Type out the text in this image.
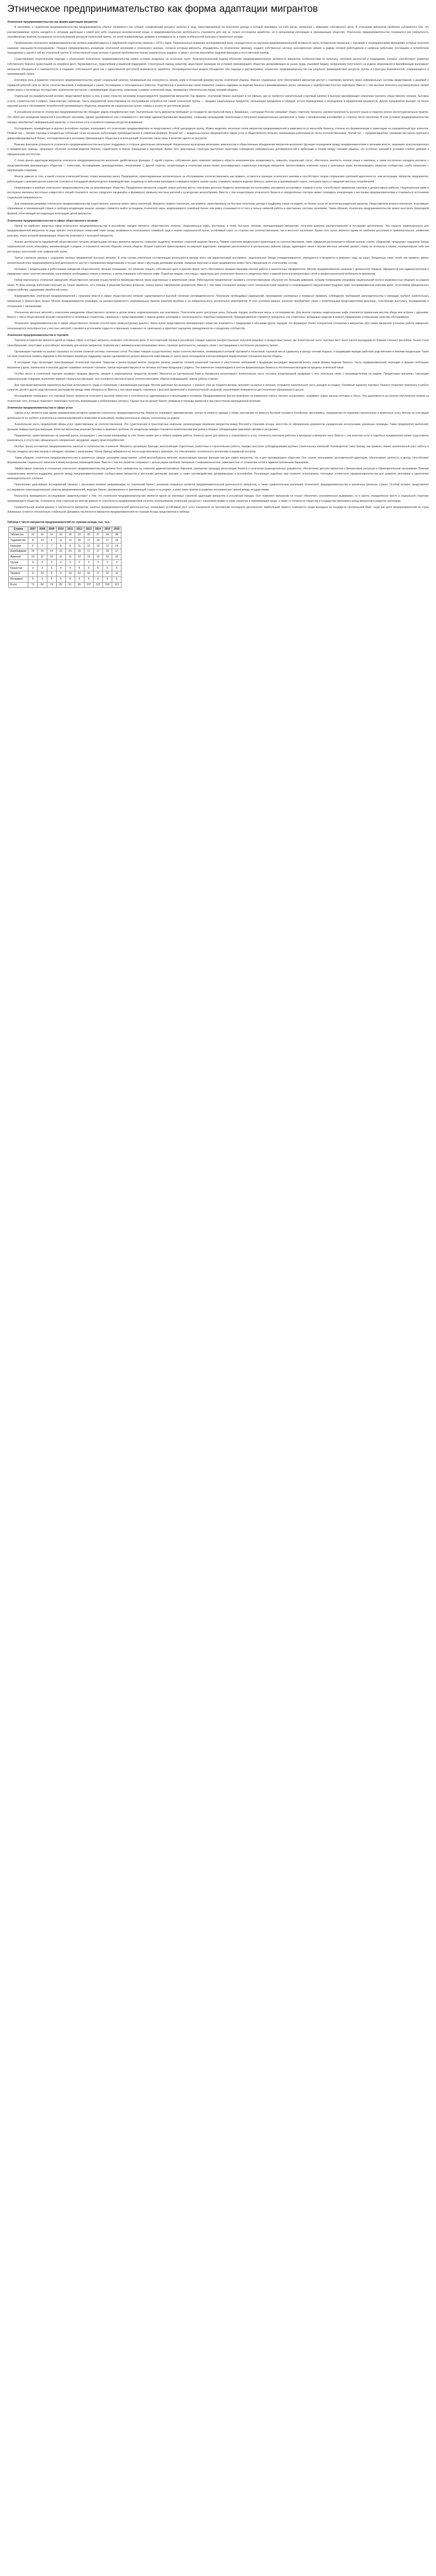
Этническое предпринимательство как форма адаптации мигрантов
Этническое предпринимательство как форма адаптации мигрантов
В экономике и социологии предпринимательства предприниматель обычно понимается как субъект, соединяющий ресурсы, капитал и труд, ориентированный на получение дохода и готовый принимать на себя риски, связанные с ведением собственного дела. В отношении мигрантов проблема усложняется тем, что рассматриваемая группа находится в ситуации адаптации к новой для себя социально-экономической среде, и предпринимательская деятельность становится для неё не только источником заработка, но и механизмом интеграции в принимающее общество. Этническое предпринимательство понимается как совокупность экономических практик, основанных на использовании ресурсов этнической группы, её сетей взаимопомощи, доверия и солидарности, а также особенностей культуры и жизненного уклада.
Проблематика этнического предпринимательства активно разрабатывается в зарубежной социологии начиная с 1970-х годов. Первоначально внимание исследователей было сосредоточено на изучении предпринимательской активности групп, исторически связанных с торговлей и посредническими функциями, которые получили название «меньшинств-посредников». Позднее сформировались концепции этнической экономики и этнического анклава, согласно которым мигранты, объединяясь по этническому признаку, создают собственную систему экономических связей, в рамках которой работодатели и наёмные работники, поставщики и потребители принадлежат к одной и той же этнической группе. В отечественной науке интерес к данной проблематике возник сравнительно недавно, в связи с ростом масштабов трудовой миграции в постсоветский период.
Существующие теоретические подходы к объяснению этнического предпринимательства можно условно разделить на несколько групп. Культурологический подход объясняет предпринимательскую активность мигрантов особенностями их культуры, системой ценностей и традициями, которые способствуют развитию собственного бизнеса: ориентацией на семейное дело, бережливостью, трудолюбием и взаимной поддержкой. Структурный подход, напротив, акцентирует внимание на условиях принимающего общества: дискриминация на рынке труда, языковой барьер, непризнание полученного на родине образования и квалификации вынуждают мигрантов обращаться к самозанятости и созданию собственного дела как к единственной доступной возможности заработка. Интеракционистская модель объединяет оба подхода и рассматривает этническое предпринимательство как результат взаимодействия ресурсов группы и структуры возможностей, открывающихся в принимающей стране.
Ключевую роль в развитии этнического предпринимательства играет социальный капитал, понимаемый как совокупность связей, норм и отношений доверия внутри этнической общины. Именно социальные сети обеспечивают мигрантам доступ к стартовому капиталу через неформальные системы кредитования, к дешёвой и надёжной рабочей силе из числа соотечественников, к информации о рынке, поставщиках и потенциальных клиентах. Родственные и земляческие связи позволяют снижать издержки на ведение бизнеса и минимизировать риски, связанные с недобросовестностью партнёров. Вместе с тем высокая плотность внутригрупповых связей может иметь и негативные последствия: ограничение контактов с принимающим обществом, замыкание в рамках этнической ниши, чрезмерные обязательства перед членами общины.
Отдельный исследовательский интерес представляет вопрос о том, в каких отраслях экономики концентрируются предприятия мигрантов. Как правило, этнический бизнес возникает в тех сферах, где не требуется значительный стартовый капитал и высокая квалификация: розничная торговля, общественное питание, бытовые услуги, строительство и ремонт, транспортные перевозки. Часть предприятий ориентирована на обслуживание потребностей самой этнической группы — продажа национальных продуктов, организация праздников и обрядов, услуги переводчиков и посредников в оформлении документов. Другие предприятия выходят на более широкий рынок и обслуживают потребителей принимающего общества, предлагая им национальную кухню, товары и услуги по доступным ценам.
В российском контексте этническое предпринимательство обладает рядом специфических черт. Значительная часть мигрантов прибывает из государств Центральной Азии и Закавказья, с которыми Россию связывает общее советское прошлое, распространённость русского языка и сходство многих институциональных практик. Это облегчает вхождение мигрантов в российскую экономику, однако одновременно они сталкиваются с жёсткими административными барьерами, сложными процедурами легализации и получения разрешительных документов, а также с проявлениями ксенофобии со стороны части населения. В этих условиях предпринимательство нередко приобретает неформальный характер, а этнические сети становятся главным ресурсом выживания.
Исследования, проведённые в крупных российских городах, показывают, что этнические предприниматели не представляют собой однородную группу. Можно выделить несколько типов мигрантов-предпринимателей в зависимости от масштаба бизнеса, степени его формализации и ориентации на определённый круг клиентов. Первый тип — мелкие торговцы и владельцы небольших точек на рынках, работающие преимущественно в семейном формате. Второй тип — владельцы малых предприятий в сфере услуг и общественного питания, нанимающие работников из числа соотечественников. Третий тип — предприниматели, сумевшие выстроить крупный и диверсифицированный бизнес, интегрированный в экономику принимающего общества и использующий этнические связи лишь в качестве одного из ресурсов.
Важным фактором успешности этнического предпринимательства выступает поддержка со стороны диаспорных организаций. Национально-культурные автономии, землячества и общественные объединения мигрантов выполняют функции посредников между предпринимателями и органами власти, оказывают консультационную и юридическую помощь, организуют обучение основам ведения бизнеса, содействуют в поиске помещений и партнёров. Кроме того, диаспорные структуры выступают гарантами соблюдения неформальных договорённостей и арбитрами в спорах между членами общины, что особенно значимо в условиях слабого доверия к официальным институтам.
С точки зрения адаптации мигрантов этническое предпринимательство выполняет двойственную функцию. С одной стороны, собственное дело позволяет мигранту обрести экономическую независимость, повысить социальный статус, обеспечить занятость членов семьи и земляков, а также постепенно наладить контакты с представителями принимающего общества — клиентами, поставщиками, арендодателями, чиновниками. С другой стороны, концентрация в этнических нишах может консервировать социальную изоляцию мигрантов, препятствовать освоению языка и культурных норм, воспроизводить закрытые сообщества, слабо связанные с окружающим социумом.
Многое зависит от того, в какой степени этнический бизнес открыт внешнему рынку. Предприятия, ориентированные исключительно на обслуживание соотечественников, как правило, остаются в границах этнического анклава и способствуют скорее сохранению групповой идентичности, чем интеграции. Напротив, предприятия, работающие с широким кругом клиентов, становятся площадкой межкультурного взаимодействия: владельцы и работники вынуждены совершенствовать знание языка, осваивать правила ведения бизнеса, принятые в принимающей стране, учитывать вкусы и ожидания местных потребителей.
Немаловажно и влияние этнического предпринимательства на принимающее общество. Предприятия мигрантов создают новые рабочие места, пополняют местные бюджеты налоговыми поступлениями, расширяют ассортимент товаров и услуг, способствуют оживлению торговли в депрессивных районах. Национальные кафе и рестораны, магазины восточных сладостей и специй становятся частью городского ландшафта и формируют привычку местных жителей к культурному многообразию. Вместе с тем концентрация этнического бизнеса в определённых секторах может порождать конкуренцию с местными предпринимателями и становиться источником социальной напряжённости.
Для понимания динамики этнического предпринимательства существенное значение имеет смена поколений. Мигранты первого поколения, как правило, ориентированы на быстрое получение дохода и поддержку семьи на родине, их бизнес носит во многом вынужденный характер. Представители второго поколения, получившие образование в принимающей стране и свободно владеющие языком, нередко стремятся выйти за пределы этнической ниши, модернизируют семейный бизнес или вовсе отказываются от него в пользу наёмной работы в престижных секторах экономики. Таким образом, этническое предпринимательство может выступать переходной формой, облегчающей последующую интеграцию детей мигрантов.
Этническое предпринимательство в сфере общественного питания
Одной из наиболее заметных сфер этнического предпринимательства в российских городах является общественное питание. Национальные кафе, рестораны и точки быстрого питания, принадлежащие мигрантам, получили широкое распространение в последние десятилетия. Эта отрасль привлекательна для предпринимателей-мигрантов по ряду причин: относительно невысокий порог входа, возможность использовать семейный труд и знания национальной кухни, устойчивый спрос со стороны как соотечественников, так и местного населения. Кроме того, кухня является одним из наиболее доступных и привлекательных элементов культуры, через который принимающее общество знакомится с культурой мигрантов.
Анализ деятельности предприятий общественного питания, владельцами которых являются мигранты, позволяет выделить несколько стратегий ведения бизнеса. Первая стратегия предполагает ориентацию на соотечественников: такие заведения располагаются вблизи рынков, строек, общежитий, предлагают недорогие блюда национальной кухни, атмосферу, напоминающую о родине, и становятся местом общения членов общины. Вторая стратегия ориентирована на широкую аудиторию: заведения располагаются в центральных районах города, адаптируют меню к вкусам местных жителей, делают ставку на интерьер и сервис, позиционируют себя как рестораны «восточной» или «кавказской» кухни.
Третья стратегия связана с созданием сетевых предприятий быстрого питания. В этом случае этническая составляющая используется прежде всего как маркетинговый инструмент: национальные блюда стандартизируются, упрощаются и продаются в формате «еды на ходу». Владельцы таких сетей, как правило, имеют значительный опыт предпринимательской деятельности, доступ к банковскому кредитованию и тесные связи с местными деловыми кругами. Наёмный персонал в таких предприятиях может быть смешанным по этническому составу.
Интервью с владельцами и работниками заведений общественного питания показывают, что решение открыть собственное дело в данной сфере часто обусловлено предшествующим опытом работы в аналогичных предприятиях. Многие предприниматели начинали с должностей поваров, официантов или администраторов в заведениях своих соотечественников, накапливали необходимые знания и капитал, а затем открывали собственное кафе. Подобная модель «лестницы» характерна для этнического бизнеса и свидетельствует о важной роли внутригрупповых сетей в профессиональной мобильности мигрантов.
Набор персонала в этнических заведениях общественного питания осуществляется преимущественно через родственные и земляческие связи. Работодатели предпочитают нанимать соотечественников, объясняя это большим доверием, лучшим пониманием специфики национальной кухни и возможностью общения на родном языке. В свою очередь работники получают не только заработок, но и помощь в решении бытовых вопросов, поиске жилья, оформлении документов. Вместе с тем такие отношения нередко носят патерналистский характер и сопровождаются нарушениями трудовых прав: ненормированным рабочим днём, отсутствием официального трудоустройства, задержками заработной платы.
Взаимодействие этнических предпринимателей с органами власти в сфере общественного питания характеризуется высокой степенью неопределённости. Получение необходимых разрешений, прохождение санитарных и пожарных проверок, соблюдение требований законодательства о миграции требуют значительных временных и финансовых затрат. Многие предприниматели указывают на распространённость неформальных практик решения проблем и на избирательность контрольных мероприятий. В этих условиях важное значение приобретают связи с влиятельными представителями диаспоры, способными выступить посредниками в отношениях с чиновниками.
Отношение местных жителей к этническим заведениям общественного питания в целом можно охарактеризовать как позитивное. Посетители ценят доступные цены, большие порции, необычные вкусы и гостеприимство. Для многих горожан национальные кафе становятся привычным местом обеда или встречи с друзьями. Вместе с тем в общественном мнении сохраняются и негативные стереотипы, связанные с представлениями о низком уровне санитарии и «нелегальности» подобных предприятий. Предприниматели стремятся преодолеть эти стереотипы, вкладывая средства в ремонт, оформление и повышение качества обслуживания.
Этническое предпринимательство в сфере общественного питания способствует межкультурному диалогу. Через кухню представители принимающего общества знакомятся с традициями и обычаями других народов, что формирует более толерантное отношение к мигрантам. Для самих мигрантов успешная работа заведения, пользующегося популярностью у местных жителей, становится источником гордости и признания, повышает их самооценку и укрепляет ощущение принадлежности к городскому сообществу.
Этническое предпринимательство в торговле
Торговля исторически является одной из первых сфер, в которых мигранты начинают собственное дело. В постсоветский период в российских городах широкое распространение получили вещевые и продуктовые рынки, где значительная часть торговых мест была занята выходцами из бывших союзных республик. Рынки стали своеобразными «воротами» в российскую экономику для многих мигрантов, позволяя им с минимальными вложениями начать торговую деятельность, наладить связи с поставщиками и постепенно расширить бизнес.
Организация торговли на рынках строилась на основе сложной системы этнических сетей. Поставки товаров осуществлялись через соотечественников, занимавшихся оптовой торговлей и логистикой, торговые места сдавались в аренду членам общины, а продавцами нередко работали родственники и земляки владельцев. Такая система позволяла снижать издержки и обеспечивать взаимную поддержку, однако одновременно делала мигрантов зависимыми от узкого круга посредников и воспроизводила иерархические отношения внутри общины.
В последние годы происходит трансформация этнической торговли. Закрытие и реконструкция многих городских рынков, развитие сетевой розничной торговли и ужесточение требований к продавцам вынуждают мигрантов искать новые формы ведения бизнеса. Часть предпринимателей переходит в формат небольших магазинов у дома, павильонов и киосков, другие осваивают интернет-торговлю, третьи переориентируются на оптовые поставки продукции с родины. Эти изменения сопровождаются ростом формализации бизнеса и постепенным выходом за пределы этнической ниши.
Особое место в этнической торговле занимает продажа фруктов, овощей и национальных продуктов питания. Мигранты из Центральной Азии и Закавказья контролируют значительную часть поставок плодоовощной продукции с юга, используя связи с производителями на родине. Продуктовые магазины, торгующие национальными товарами, выполняют важную социальную функцию: они становятся местом встречи соотечественников, обмена информацией, поиска работы и жилья.
Для торговцев-мигрантов характерна высокая интенсивность труда и стремление к минимизации расходов. Многие работают без выходных, с раннего утра до позднего вечера, экономят на жилье и питании, отправляя значительную часть доходов на родину. Семейный характер торгового бизнеса позволяет вовлекать в работу супругов, детей и других родственников, распределяя между ними обязанности. Вместе с тем такая модель сопряжена с высокой физической и психологической нагрузкой, ограничивает возможности для получения образования и досуга.
Исследование показывает, что торговый бизнес мигрантов отличается высокой гибкостью и способностью адаптироваться к меняющимся условиям. Предприниматели быстро реагируют на изменения спроса, меняют ассортимент, осваивают новые каналы поставок и сбыта. Эта адаптивность во многом обусловлена опорой на этнические сети, которые позволяют оперативно получать информацию и мобилизовать ресурсы. Однако она же делает бизнес уязвимым в периоды кризисов и при ужесточении миграционной политики.
Этническое предпринимательство в сфере услуг
Сфера услуг является ещё одним направлением активного развития этнического предпринимательства. Мигранты открывают парикмахерские, ателье по ремонту одежды и обуви, мастерские по ремонту бытовой техники и телефонов, автосервисы, предприятия по оказанию строительных и ремонтных услуг. Многие из этих видов деятельности не требуют значительных капиталовложений и позволяют использовать профессиональные навыки, полученные на родине.
Значительная часть предприятий сферы услуг ориентирована на соотечественников. Это туристические и транспортные компании, организующие перевозки мигрантов между Россией и странами исхода, агентства по оформлению документов, юридические консультации, денежные переводы. Такие предприятия выполняют функцию инфраструктуры миграции, облегчая мигрантам решение бытовых и правовых проблем. Их владельцы нередко становятся влиятельными фигурами в общине, обладающими широкими связями и ресурсами.
Предприятия, ориентированные на широкий рынок, конкурируют с местными компаниями за счёт более низких цен и гибкого графика работы. Клиенты ценят доступность и оперативность услуг, готовность мастеров работать в выходные и вечерние часы. Вместе с тем качество услуг в подобных предприятиях может существенно различаться, а отсутствие официального оформления затрудняет защиту прав потребителей.
Особую группу составляют предприниматели, занятые в строительстве и ремонте. Мигранты организуют бригады, выполняющие отделочные, ремонтные и строительные работы, нередко выступая субподрядчиками крупных строительных компаний. Руководители таких бригад, как правило, имеют значительный опыт работы в России, владеют русским языком и обладают связями с заказчиками. Члены бригад набираются из числа родственников и земляков, что обеспечивает сплочённость коллектива и взаимный контроль.
Таким образом, этническое предпринимательство в различных сферах экономики представляет собой многообразное явление, выполняющее важные функции как для самих мигрантов, так и для принимающего общества. Оно служит механизмом экономической адаптации, обеспечивает занятость и доход, способствует формированию социального капитала и межкультурному взаимодействию. Вместе с тем его развитие сопряжено с целым рядом проблем, связанных с неформальностью, зависимостью от этнических сетей и административными барьерами.
Эффективная политика в отношении этнического предпринимательства должна быть направлена на снижение административных барьеров, упрощение процедур регистрации бизнеса и получения разрешительных документов, обеспечение доступа мигрантов к финансовым ресурсам и образовательным программам. Важным направлением является поддержка диалога между предпринимательскими сообществами мигрантов и местными деловыми кругами, а также противодействие дискриминации и ксенофобии. Реализация подобных мер позволит использовать потенциал этнического предпринимательства для развития экономики и укрепления межнационального согласия.
Перспективы дальнейших исследований связаны с изучением влияния цифровизации на этнический бизнес, анализом гендерных аспектов предпринимательской деятельности мигрантов, а также сравнительным изучением этнического предпринимательства в различных регионах страны. Особый интерес представляет исследование транснациональных практик предпринимателей, ведущих бизнес одновременно в принимающей стране и на родине, и роли таких практик в развитии экономических связей между государствами.
Результаты проведённого исследования свидетельствуют о том, что этническое предпринимательство является одной из ключевых стратегий адаптации мигрантов в российских городах. Оно позволяет мигрантам не только обеспечить экономическое выживание, но и занять определённое место в социальной структуре принимающего общества. Успешность этой стратегии во многом зависит от способности предпринимателей сочетать использование этнических ресурсов с освоением правил и норм, принятых в принимающей среде, а также от готовности общества и государства признавать вклад мигрантов в развитие экономики.
Сравнительный анализ данных о численности мигрантов, занятых предпринимательской деятельностью, показывает устойчивый рост этого показателя на протяжении последнего десятилетия. Наибольший прирост отмечается среди выходцев из государств Центральной Азии, тогда как доля предпринимателей из стран Закавказья остаётся относительно стабильной. Динамика численности мигрантов-предпринимателей по странам исхода представлена в таблице.
Таблица 1 Число мигрантов-предпринимателей по странам исхода, тыс. чел.
Страна	2007	2008	2009	2010	2011	2012	2013	2014	2015	2016
Узбекистан	12	15	14	16	19	22	25	27	24	26
Таджикистан	8	10	9	11	13	15	17	19	17	18
Киргизия	6	7	7	8	9	11	12	13	12	14
Азербайджан	14	15	14	15	16	16	17	17	16	17
Армения	10	11	10	11	11	12	12	13	12	12
Грузия	4	4	3	3	3	3	3	3	3	3
Казахстан	3	3	3	4	4	4	5	5	5	5
Украина	9	10	9	9	10	10	10	9	12	13
Молдавия	5	5	5	5	6	6	6	6	5	5
Всего	71	80	74	82	91	99	107	112	106	113
